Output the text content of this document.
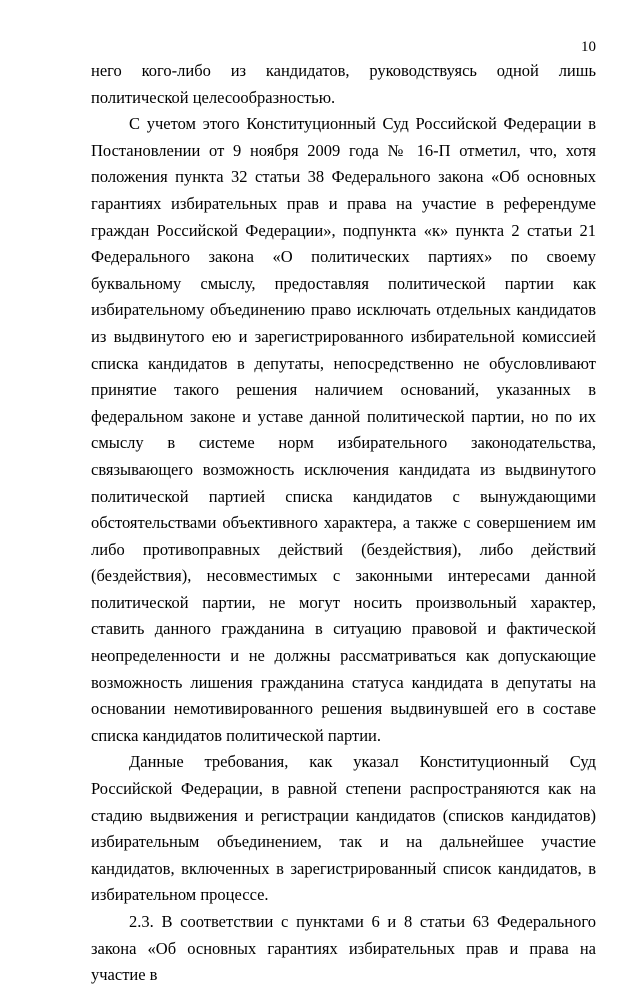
10

него кого-либо из кандидатов, руководствуясь одной лишь политической целесообразностью.

С учетом этого Конституционный Суд Российской Федерации в Постановлении от 9 ноября 2009 года № 16-П отметил, что, хотя положения пункта 32 статьи 38 Федерального закона «Об основных гарантиях избирательных прав и права на участие в референдуме граждан Российской Федерации», подпункта «к» пункта 2 статьи 21 Федерального закона «О политических партиях» по своему буквальному смыслу, предоставляя политической партии как избирательному объединению право исключать отдельных кандидатов из выдвинутого ею и зарегистрированного избирательной комиссией списка кандидатов в депутаты, непосредственно не обусловливают принятие такого решения наличием оснований, указанных в федеральном законе и уставе данной политической партии, но по их смыслу в системе норм избирательного законодательства, связывающего возможность исключения кандидата из выдвинутого политической партией списка кандидатов с вынуждающими обстоятельствами объективного характера, а также с совершением им либо противоправных действий (бездействия), либо действий (бездействия), несовместимых с законными интересами данной политической партии, не могут носить произвольный характер, ставить данного гражданина в ситуацию правовой и фактической неопределенности и не должны рассматриваться как допускающие возможность лишения гражданина статуса кандидата в депутаты на основании немотивированного решения выдвинувшей его в составе списка кандидатов политической партии.

Данные требования, как указал Конституционный Суд Российской Федерации, в равной степени распространяются как на стадию выдвижения и регистрации кандидатов (списков кандидатов) избирательным объединением, так и на дальнейшее участие кандидатов, включенных в зарегистрированный список кандидатов, в избирательном процессе.

2.3. В соответствии с пунктами 6 и 8 статьи 63 Федерального закона «Об основных гарантиях избирательных прав и права на участие в
